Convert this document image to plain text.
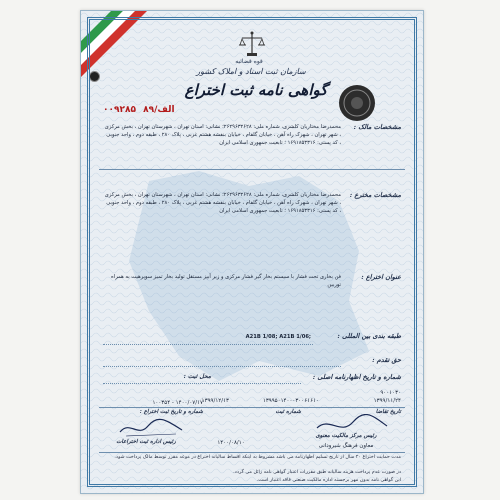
قوه قضائیه
سازمان ثبت اسناد و املاک کشور
گواهی نامه ثبت اختراع
۰۰۹۲۸۵ الف/۸۹
مشخصات مالک :
محمدرضا مختاریان کلشری، شماره ملی: ۲۶۲۹۶۳۲۶۲۸؛ نشانی: استان تهران ، شهرستان تهران ، بخش مرکزی ، شهر تهران ، شهرک راه آهن ، خیابان گلفام ، خیابان بنفشه هشتم غربی ، پلاک ۲۸۰ ، طبقه دوم ، واحد جنوبی ، کد پستی: ۱۶۹۱۸۵۳۳۱۶ ؛ تابعیت جمهوری اسلامی ایران
مشخصات مخترع :
محمدرضا مختاریان کلشری، شماره ملی: ۲۶۲۹۶۳۲۶۲۸؛ نشانی: استان تهران ، شهرستان تهران ، بخش مرکزی ، شهر تهران ، شهرک راه آهن ، خیابان گلفام ، خیابان بنفشه هشتم غربی ، پلاک ۲۸۰ ، طبقه دوم ، واحد جنوبی ، کد پستی: ۱۶۹۱۸۵۳۳۱۶ ؛ تابعیت جمهوری اسلامی ایران
عنوان اختراع :
فن بخاری تحت فشار با سیستم بخار گیر فشار مرکزی و زیر آبپز مستقل تولید بخار تمیز سوپرهیت به همراه توربین
طبقه بندی بین المللی :
A21B 1/08; A21B 1/06;
حق تقدم :
شماره و تاریخ اظهارنامه اصلی :
محل ثبت :
۹۰۰۱۰۳۰
۱۳۹۹/۱۱/۲۴
۱۳۹۹۵۰۱۴۰۰۰۳۰۰۶۱۶۱۰
۱۳۹۹/۱۲/۱۳
تاریخ تقاضا
شماره ثبت
شماره و تاریخ ثبت اختراع :
۱۴۰۰/۰۷/۱۷ - ۱۰۰۳۵۴
رئیس اداره ثبت اختراعات	۱۴۰۰/۰۸/۱۰
رئیس مرکز مالکیت معنوی
معاون فرهنگ شیرودانی
مدت حمایت اختراع ۲۰ سال از تاریخ تسلیم اظهارنامه می باشد مشروط به اینکه اقساط سالیانه اختراع در موعد مقرر توسط مالک پرداخت شود.
در صورت عدم پرداخت هزینه سالیانه طبق مقررات اعتبار گواهی نامه زائل می گردد.
این گواهی نامه بدون مهر برجسته اداره مالکیت صنعتی فاقد اعتبار است.
